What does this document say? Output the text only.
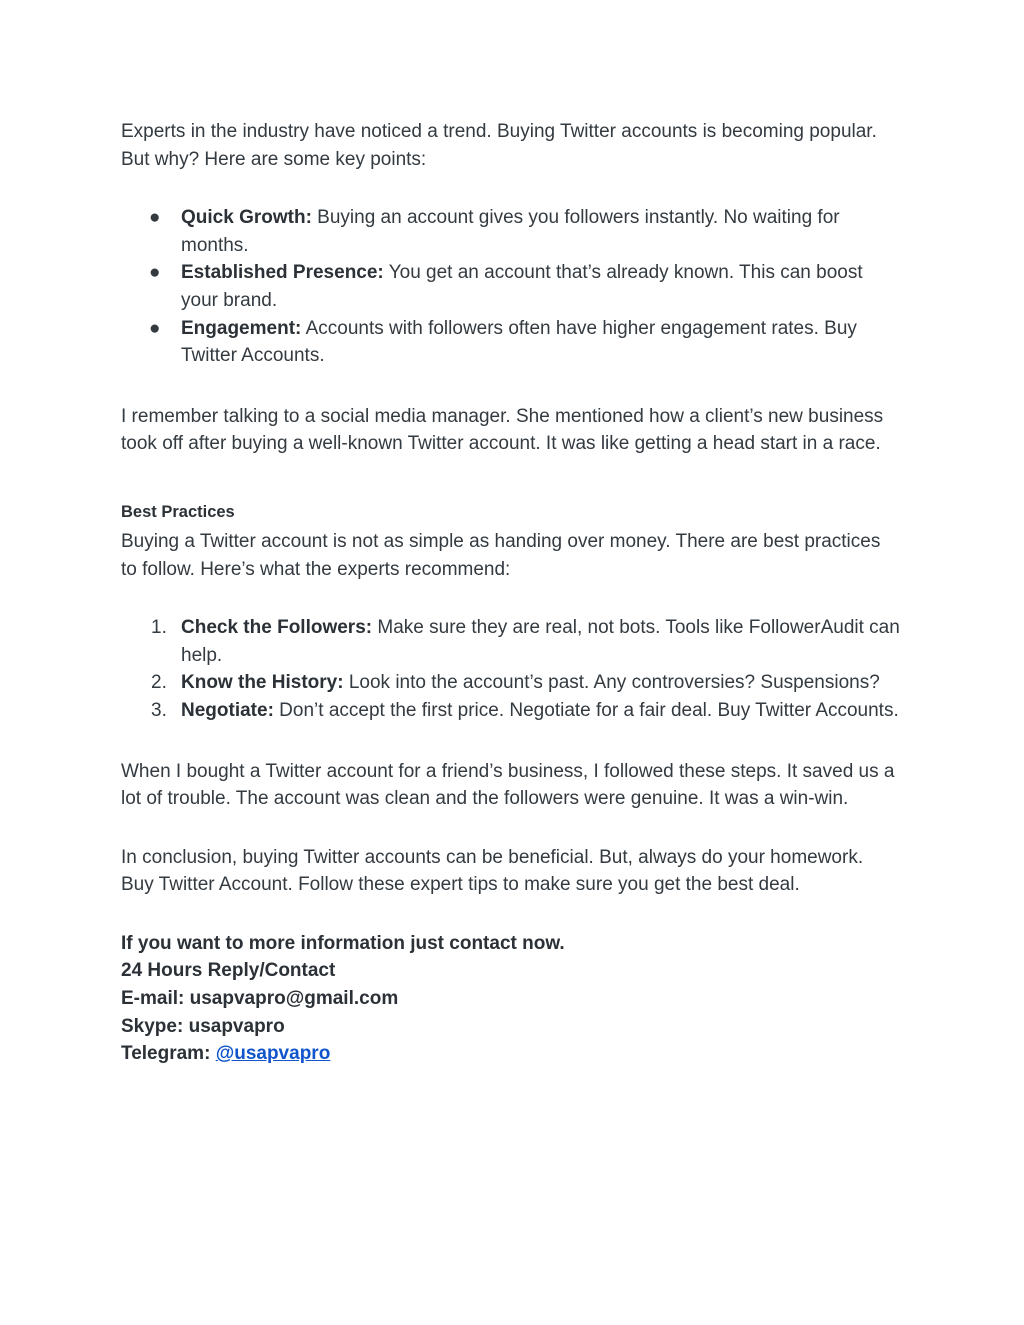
Experts in the industry have noticed a trend. Buying Twitter accounts is becoming popular. But why? Here are some key points:

●	Quick Growth: Buying an account gives you followers instantly. No waiting for months.
●	Established Presence: You get an account that’s already known. This can boost your brand.
●	Engagement: Accounts with followers often have higher engagement rates. Buy Twitter Accounts.

I remember talking to a social media manager. She mentioned how a client’s new business took off after buying a well-known Twitter account. It was like getting a head start in a race.

Best Practices

Buying a Twitter account is not as simple as handing over money. There are best practices to follow. Here’s what the experts recommend:

1. Check the Followers: Make sure they are real, not bots. Tools like FollowerAudit can help.
2. Know the History: Look into the account’s past. Any controversies? Suspensions?
3. Negotiate: Don’t accept the first price. Negotiate for a fair deal. Buy Twitter Accounts.

When I bought a Twitter account for a friend’s business, I followed these steps. It saved us a lot of trouble. The account was clean and the followers were genuine. It was a win-win.

In conclusion, buying Twitter accounts can be beneficial. But, always do your homework. Buy Twitter Account. Follow these expert tips to make sure you get the best deal.

If you want to more information just contact now.

24 Hours Reply/Contact

E-mail: usapvapro@gmail.com

Skype: usapvapro

Telegram: @usapvapro
